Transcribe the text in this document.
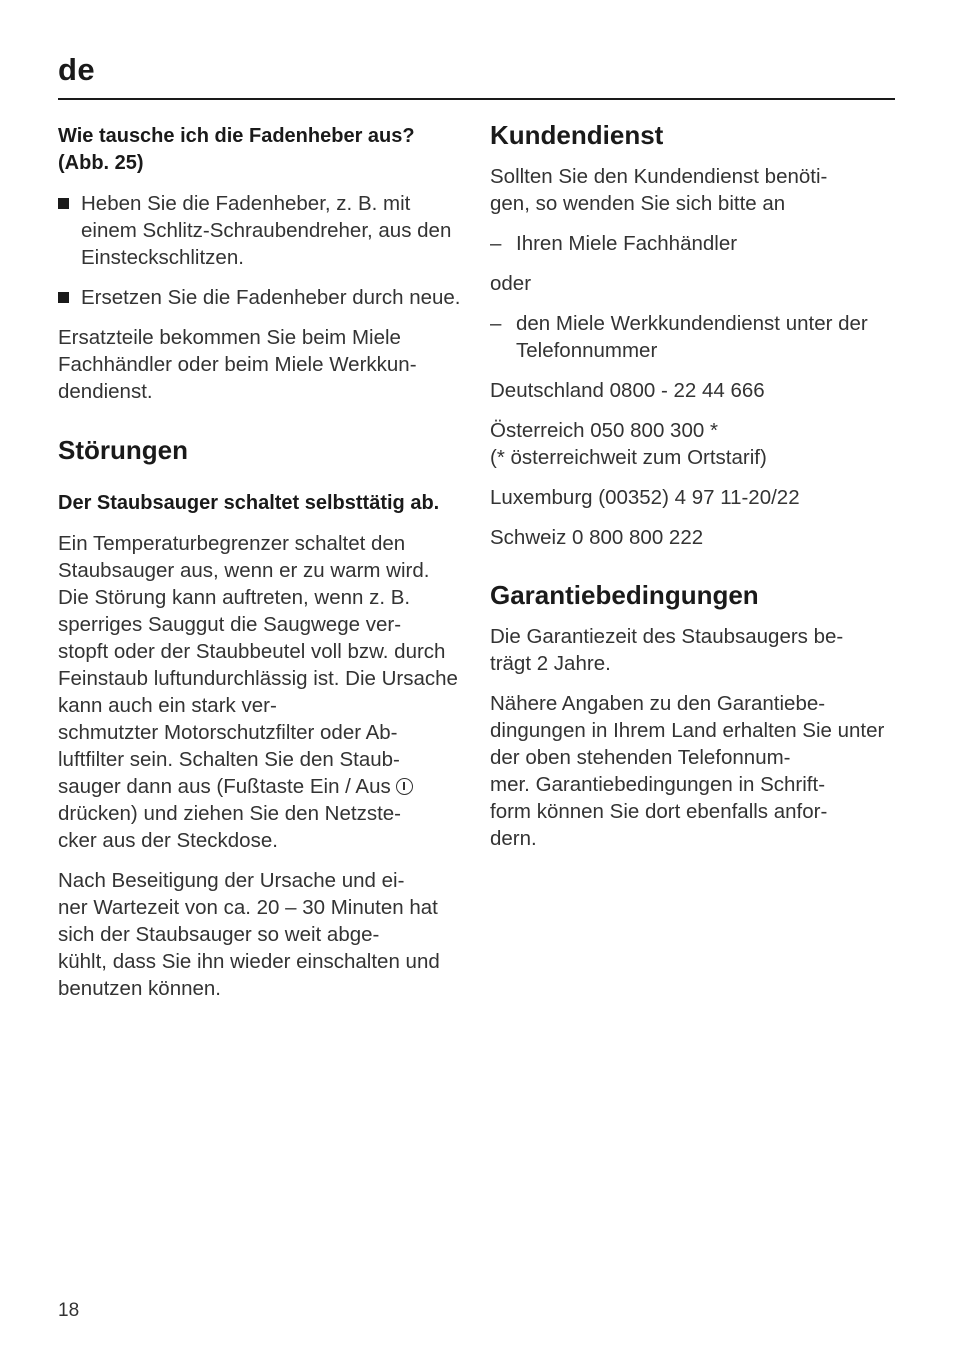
de
Wie tausche ich die Fadenheber aus? (Abb. 25)
Heben Sie die Fadenheber, z. B. mit einem Schlitz-Schraubendreher, aus den Einsteckschlitzen.
Ersetzen Sie die Fadenheber durch neue.

Ersatzteile bekommen Sie beim Miele Fachhändler oder beim Miele Werkkun-
dendienst.

Störungen
Der Staubsauger schaltet selbsttätig ab.

Ein Temperaturbegrenzer schaltet den Staubsauger aus, wenn er zu warm wird.
Die Störung kann auftreten, wenn z. B. sperriges Sauggut die Saugwege ver-
stopft oder der Staubbeutel voll bzw. durch Feinstaub luftundurchlässig ist. Die Ursache kann auch ein stark ver-
schmutzter Motorschutzfilter oder Ab-
luftfilter sein. Schalten Sie den Staub-
sauger dann aus (Fußtaste Ein / Aus
drücken) und ziehen Sie den Netzste-
cker aus der Steckdose.

Nach Beseitigung der Ursache und ei-
ner Wartezeit von ca. 20 – 30 Minuten hat sich der Staubsauger so weit abge-
kühlt, dass Sie ihn wieder einschalten und benutzen können.

Kundendienst

Sollten Sie den Kundendienst benöti-
gen, so wenden Sie sich bitte an

– Ihren Miele Fachhändler

oder

– den Miele Werkkundendienst unter der Telefonnummer

Deutschland 0800 - 22 44 666

Österreich 050 800 300 *
(* österreichweit zum Ortstarif)

Luxemburg (00352) 4 97 11-20/22

Schweiz 0 800 800 222

Garantiebedingungen

Die Garantiezeit des Staubsaugers be-
trägt 2 Jahre.

Nähere Angaben zu den Garantiebe-
dingungen in Ihrem Land erhalten Sie unter der oben stehenden Telefonnum-
mer. Garantiebedingungen in Schrift-
form können Sie dort ebenfalls anfor-
dern.

18
